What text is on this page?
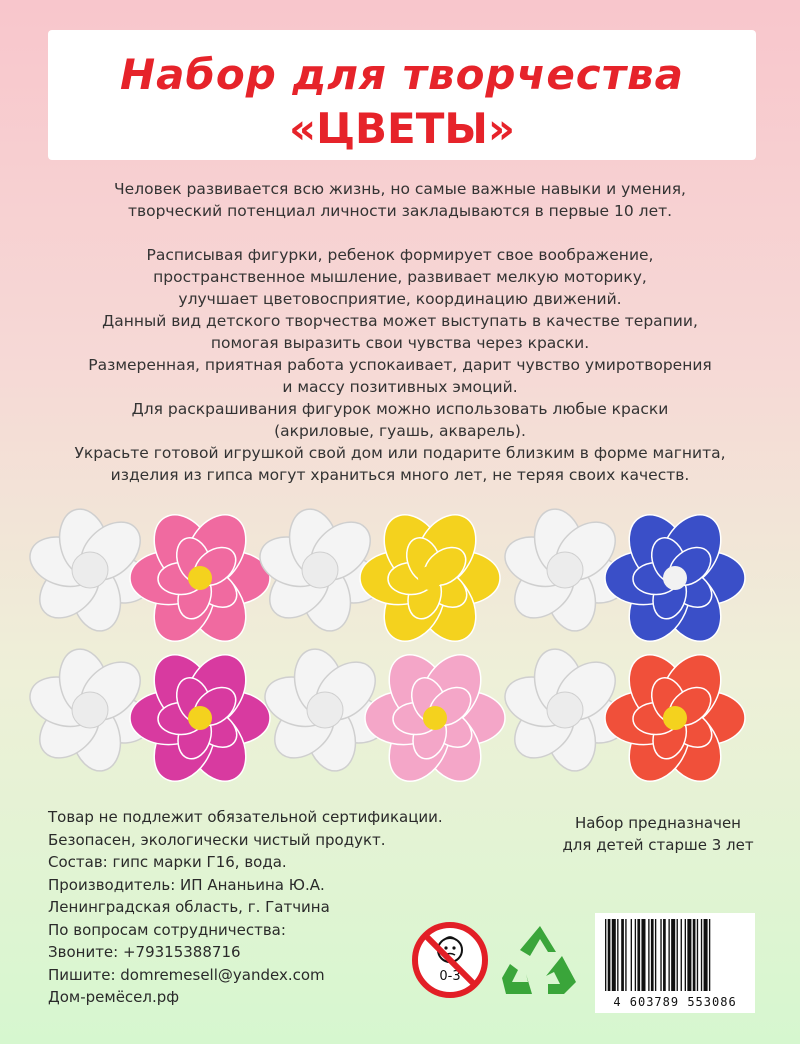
Набор для творчества
«ЦВЕТЫ»

Человек развивается всю жизнь, но самые важные навыки и умения,

творческий потенциал личности закладываются в первые 10 лет.

Расписывая фигурки, ребенок формирует свое воображение,

пространственное мышление, развивает мелкую моторику,

улучшает цветовосприятие, координацию движений.

Данный вид детского творчества может выступать в качестве терапии,

помогая выразить свои чувства через краски.

Размеренная, приятная работа успокаивает, дарит чувство умиротворения

и массу позитивных эмоций.

Для раскрашивания фигурок можно использовать любые краски

(акриловые, гуашь, акварель).

Украсьте готовой игрушкой свой дом или подарите близким в форме магнита,

изделия из гипса могут храниться много лет, не теряя своих качеств.

Товар не подлежит обязательной сертификации.

Безопасен, экологически чистый продукт.

Состав: гипс марки Г16, вода.

Производитель: ИП Ананьина Ю.А.

Ленинградская область, г. Гатчина

По вопросам сотрудничества:

Звоните: +79315388716

Пишите: domremesell@yandex.com

Дом-ремёсел.рф

Набор предназначен

для детей старше 3 лет

0-3
4 603789 553086
